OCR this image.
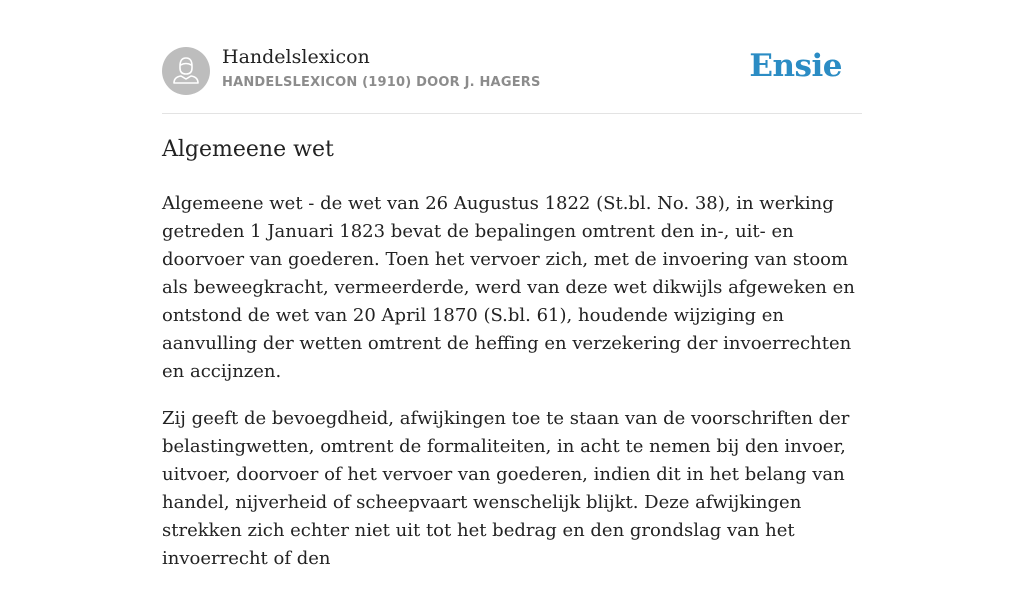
Handelslexicon
HANDELSLEXICON (1910) DOOR J. HAGERS	Ensie
Algemeene wet

Algemeene wet - de wet van 26 Augustus 1822 (St.bl. No. 38), in werking getreden 1 Januari 1823 bevat de bepalingen omtrent den in-, uit- en doorvoer van goederen. Toen het vervoer zich, met de invoering van stoom als beweegkracht, vermeerderde, werd van deze wet dikwijls afgeweken en ontstond de wet van 20 April 1870 (S.bl. 61), houdende wijziging en aanvulling der wetten omtrent de heffing en verzekering der invoerrechten en accijnzen.

Zij geeft de bevoegdheid, afwijkingen toe te staan van de voorschriften der belastingwetten, omtrent de formaliteiten, in acht te nemen bij den invoer, uitvoer, doorvoer of het vervoer van goederen, indien dit in het belang van handel, nijverheid of scheepvaart wenschelijk blijkt. Deze afwijkingen strekken zich echter niet uit tot het bedrag en den grondslag van het invoerrecht of den
